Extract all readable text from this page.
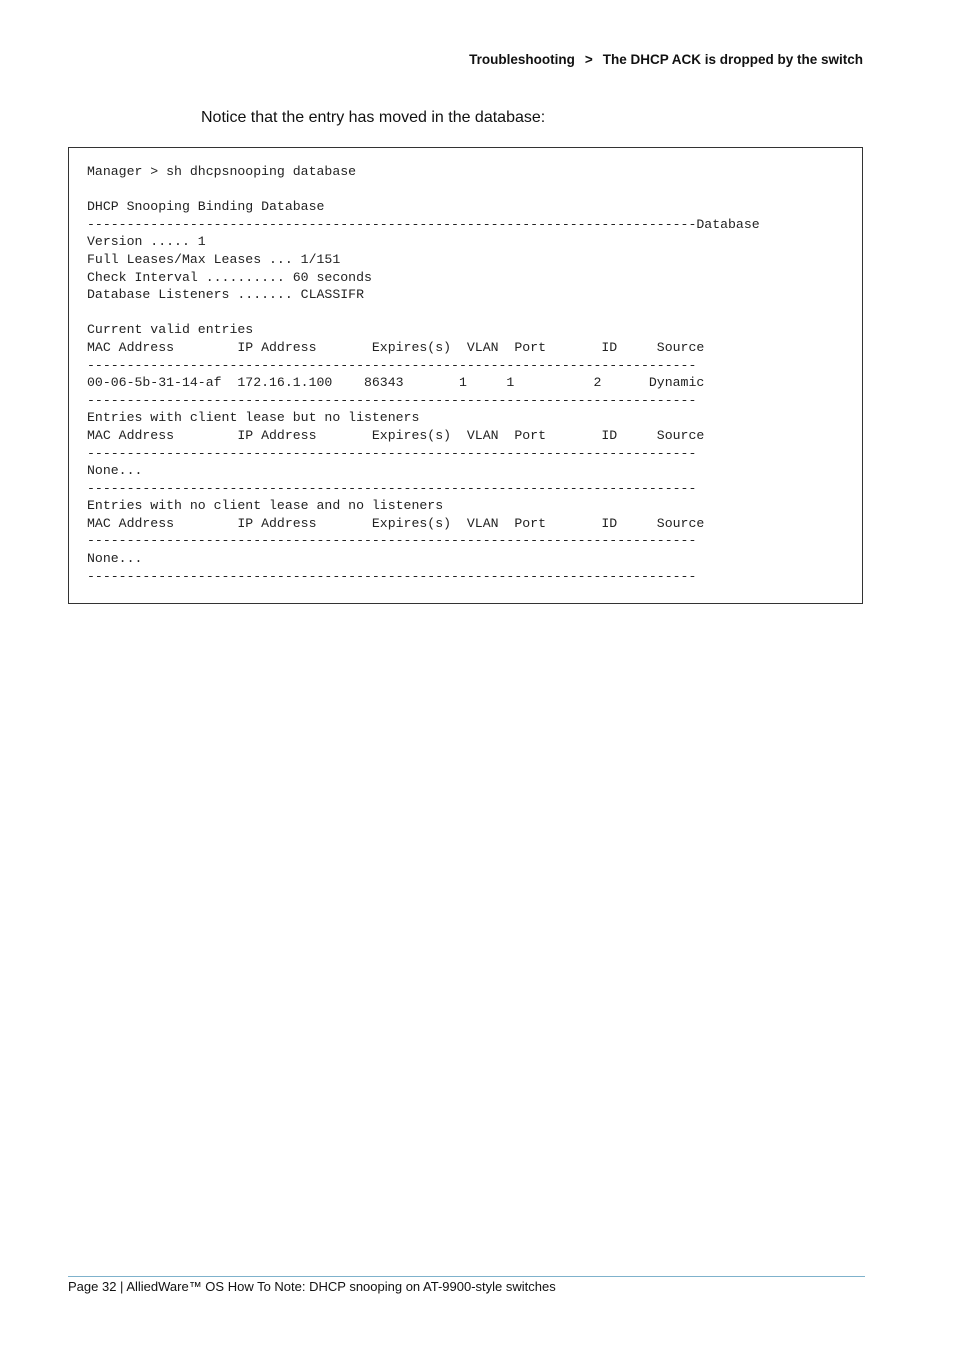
Troubleshooting > The DHCP ACK is dropped by the switch
Notice that the entry has moved in the database:
Manager > sh dhcpsnooping database
DHCP Snooping Binding Database
-----------------------------------------------------------------------------Database
Version ..... 1
Full Leases/Max Leases ... 1/151
Check Interval .......... 60 seconds
Database Listeners ....... CLASSIFR
Current valid entries
MAC Address        IP Address       Expires(s)  VLAN  Port       ID     Source
-----------------------------------------------------------------------------
00-06-5b-31-14-af  172.16.1.100    86343       1     1          2      Dynamic
-----------------------------------------------------------------------------
Entries with client lease but no listeners
MAC Address        IP Address       Expires(s)  VLAN  Port       ID     Source
-----------------------------------------------------------------------------
None...
-----------------------------------------------------------------------------
Entries with no client lease and no listeners
MAC Address        IP Address       Expires(s)  VLAN  Port       ID     Source
-----------------------------------------------------------------------------
None...
-----------------------------------------------------------------------------
Page 32 | AlliedWare™ OS How To Note: DHCP snooping on AT-9900-style switches
